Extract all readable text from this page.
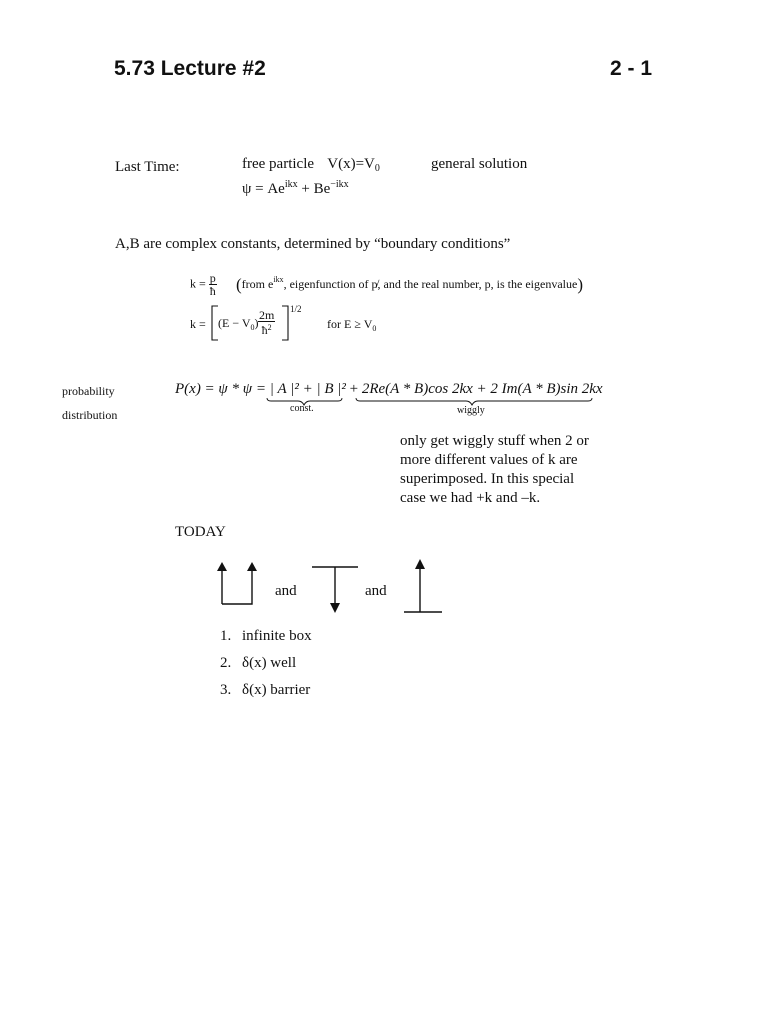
5.73 Lecture #2	2 - 1
Last Time:	free particle $V(x)=V_0$	general solution
$\psi = Ae^{ikx} + Be^{-ikx}$
A,B are complex constants, determined by “boundary conditions”
$k = \frac{p}{ħ}$ (from $e^{ikx}$, eigenfunction of p̸, and the real number, p, is the eigenvalue)
$k = (E - V_0) \frac{2m}{ħ^2} 1/2$
for $E \ge V_0$
probability
distribution
P(x) = ψ * ψ = | A |² + | B |² + 2Re(A * B)cos 2kx + 2 Im(A * B)sin 2kx
const.	wiggly
only get wiggly stuff when 2 or
more different values of k are
superimposed. In this special
case we had +k and –k.
TODAY
and	and
1. infinite box
2. δ(x) well
3. δ(x) barrier
